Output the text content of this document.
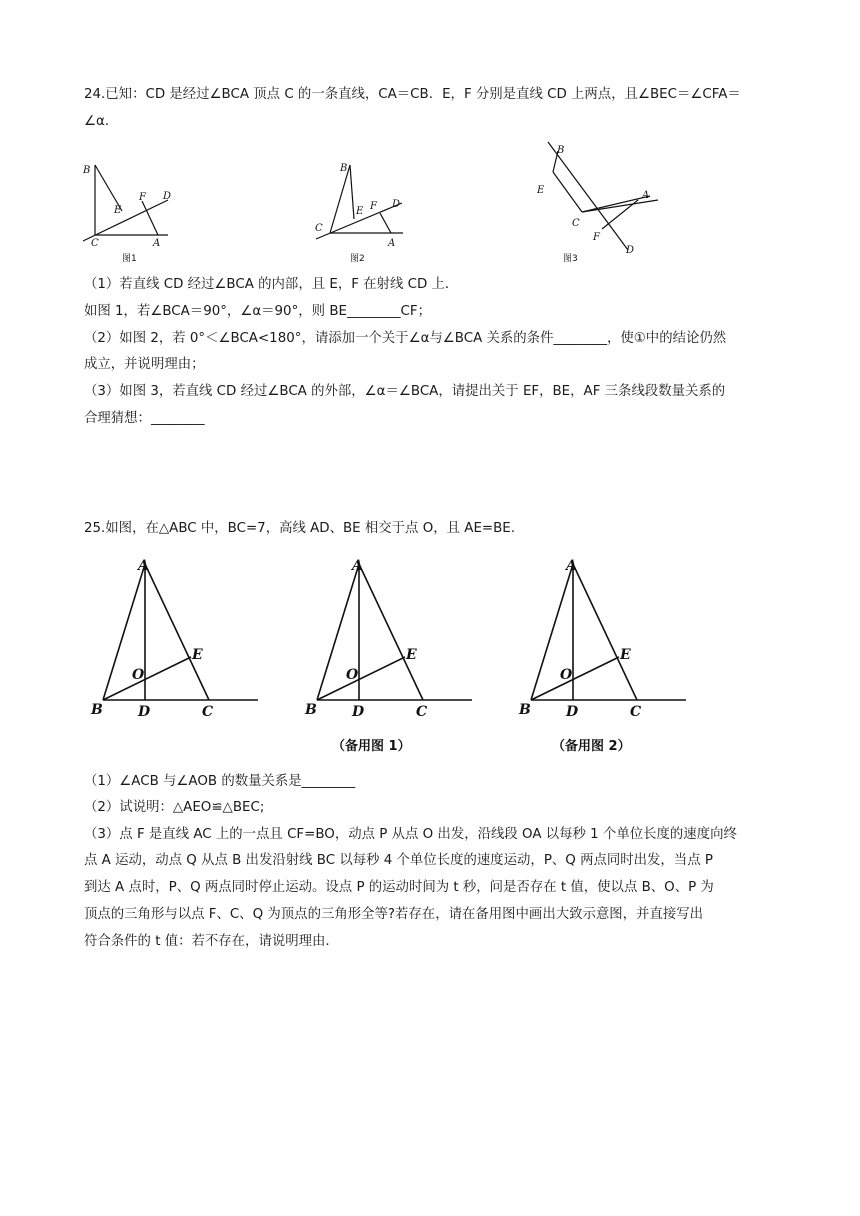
24.已知：CD 是经过∠BCA 顶点 C 的一条直线，CA＝CB．E，F 分别是直线 CD 上两点，且∠BEC＝∠CFA＝
∠α．
B
E
F D
C	A
图1
B
E F D
C
A
图2
B
E
C
A
F
D
图3
（1）若直线 CD 经过∠BCA 的内部，且 E，F 在射线 CD 上．
如图 1，若∠BCA＝90°，∠α＝90°，则 BE________CF；
（2）如图 2，若 0°＜∠BCA<180°，请添加一个关于∠α与∠BCA 关系的条件________，使①中的结论仍然
成立，并说明理由；
（3）如图 3，若直线 CD 经过∠BCA 的外部，∠α＝∠BCA，请提出关于 EF，BE，AF 三条线段数量关系的
合理猜想：________
25.如图，在△ABC 中，BC=7，高线 AD、BE 相交于点 O，且 AE=BE.
A
E
O
B	D	C
A
E
O
B	D	C
（备用图 1）
A
E
O
B	D	C
（备用图 2）
（1）∠ACB 与∠AOB 的数量关系是________
（2）试说明：△AEO≌△BEC;
（3）点 F 是直线 AC 上的一点且 CF=BO，动点 P 从点 O 出发，沿线段 OA 以每秒 1 个单位长度的速度向终
点 A 运动，动点 Q 从点 B 出发沿射线 BC 以每秒 4 个单位长度的速度运动，P、Q 两点同时出发，当点 P
到达 A 点时，P、Q 两点同时停止运动。设点 P 的运动时间为 t 秒，问是否存在 t 值，使以点 B、O、P 为
顶点的三角形与以点 F、C、Q 为顶点的三角形全等?若存在，请在备用图中画出大致示意图，并直接写出
符合条件的 t 值：若不存在，请说明理由.
